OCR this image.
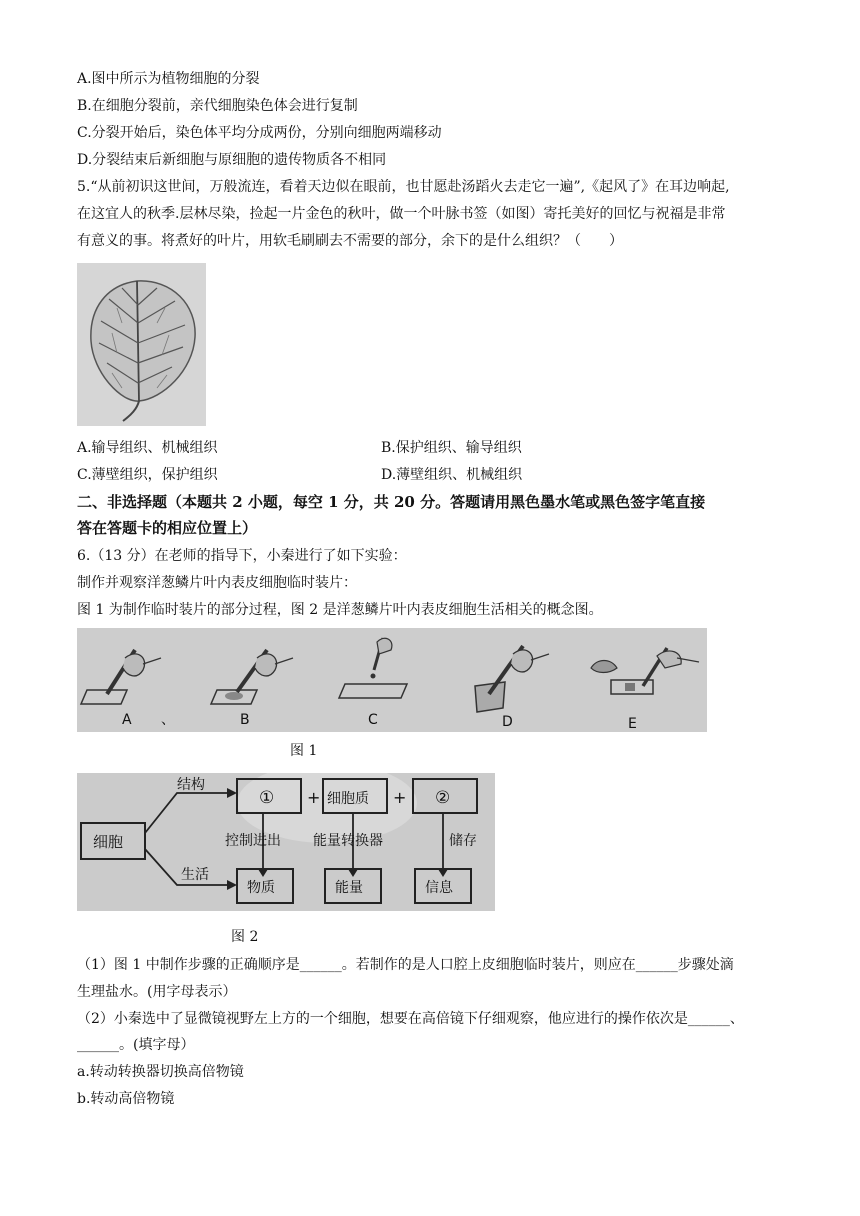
A.图中所示为植物细胞的分裂
B.在细胞分裂前，亲代细胞染色体会进行复制
C.分裂开始后，染色体平均分成两份，分别向细胞两端移动
D.分裂结束后新细胞与原细胞的遗传物质各不相同
5.“从前初识这世间，万般流连，看着天边似在眼前，也甘愿赴汤蹈火去走它一遍”,《起风了》在耳边响起,
在这宜人的秋季.层林尽染，捡起一片金色的秋叶，做一个叶脉书签（如图）寄托美好的回忆与祝福是非常
有意义的事。将煮好的叶片，用软毛刷刷去不需要的部分，余下的是什么组织？（　　）
A.输导组织、机械组织	B.保护组织、输导组织
C.薄壁组织，保护组织	D.薄壁组织、机械组织
二、非选择题（本题共 2 小题，每空 1 分，共 20 分。答题请用黑色墨水笔或黑色签字笔直接
答在答题卡的相应位置上）
6.（13 分）在老师的指导下，小秦进行了如下实验：
制作并观察洋葱鳞片叶内表皮细胞临时装片：
图 1 为制作临时装片的部分过程，图 2 是洋葱鳞片叶内表皮细胞生活相关的概念图。
A 、	B	C	D	E
图 1
细胞
结构
生活
① + 细胞质 + ②
控制进出 能量转换器	储存
物质	能量	信息
图 2
（1）图 1 中制作步骤的正确顺序是______。若制作的是人口腔上皮细胞临时装片，则应在______步骤处滴
生理盐水。(用字母表示）
（2）小秦选中了显微镜视野左上方的一个细胞，想要在高倍镜下仔细观察，他应进行的操作依次是______、
______。(填字母）
a.转动转换器切换高倍物镜
b.转动高倍物镜
